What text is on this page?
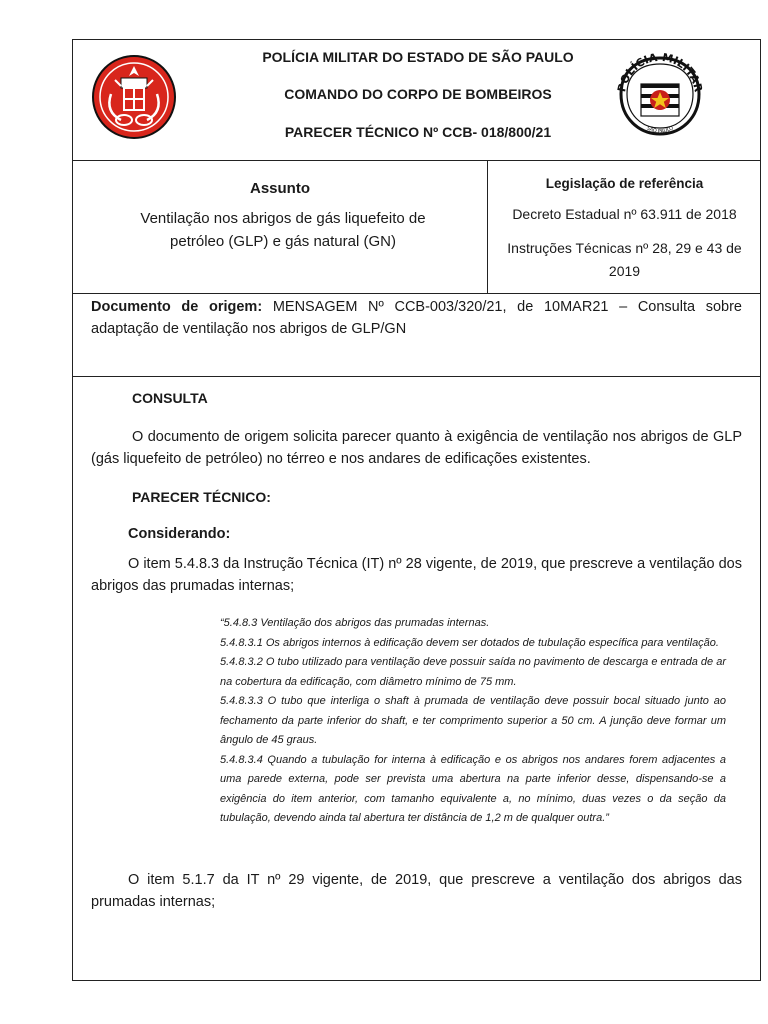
POLÍCIA MILITAR DO ESTADO DE SÃO PAULO
COMANDO DO CORPO DE BOMBEIROS
PARECER TÉCNICO Nº CCB- 018/800/21
POLÍCIA MILITAR
SÃO PAULO
Assunto
Ventilação nos abrigos de gás liquefeito de petróleo (GLP) e gás natural (GN)
Legislação de referência
Decreto Estadual nº 63.911 de 2018
Instruções Técnicas nº 28, 29 e 43 de 2019
Documento de origem: MENSAGEM Nº CCB-003/320/21, de 10MAR21 – Consulta sobre adaptação de ventilação nos abrigos de GLP/GN
CONSULTA
O documento de origem solicita parecer quanto à exigência de ventilação nos abrigos de GLP (gás liquefeito de petróleo) no térreo e nos andares de edificações existentes.
PARECER TÉCNICO:
Considerando:
O item 5.4.8.3 da Instrução Técnica (IT) nº 28 vigente, de 2019, que prescreve a ventilação dos abrigos das prumadas internas;
“5.4.8.3 Ventilação dos abrigos das prumadas internas.
5.4.8.3.1 Os abrigos internos à edificação devem ser dotados de tubulação específica para ventilação.
5.4.8.3.2 O tubo utilizado para ventilação deve possuir saída no pavimento de descarga e entrada de ar na cobertura da edificação, com diâmetro mínimo de 75 mm.
5.4.8.3.3 O tubo que interliga o shaft à prumada de ventilação deve possuir bocal situado junto ao fechamento da parte inferior do shaft, e ter comprimento superior a 50 cm. A junção deve formar um ângulo de 45 graus.
5.4.8.3.4 Quando a tubulação for interna à edificação e os abrigos nos andares forem adjacentes a uma parede externa, pode ser prevista uma abertura na parte inferior desse, dispensando-se a exigência do item anterior, com tamanho equivalente a, no mínimo, duas vezes o da seção da tubulação, devendo ainda tal abertura ter distância de 1,2 m de qualquer outra.”
O item 5.1.7 da IT nº 29 vigente, de 2019, que prescreve a ventilação dos abrigos das prumadas internas;
